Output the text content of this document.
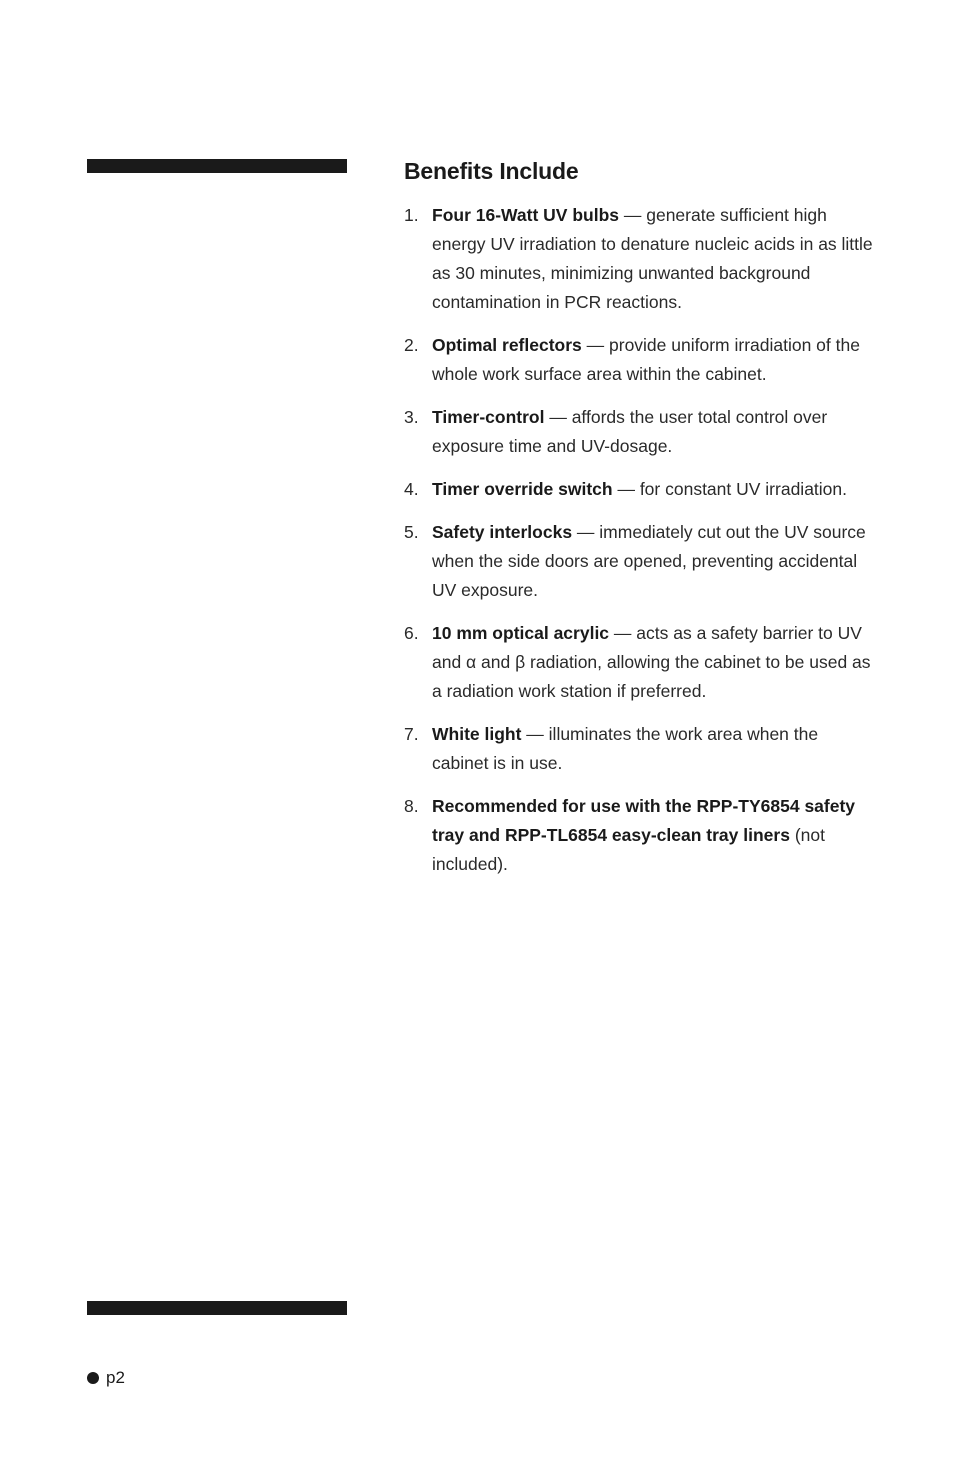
Benefits Include
1. Four 16-Watt UV bulbs — generate sufficient high energy UV irradiation to denature nucleic acids in as little as 30 minutes, minimizing unwanted background contamination in PCR reactions.
2. Optimal reflectors — provide uniform irradiation of the whole work surface area within the cabinet.
3. Timer-control — affords the user total control over exposure time and UV-dosage.
4. Timer override switch — for constant UV irradiation.
5. Safety interlocks — immediately cut out the UV source when the side doors are opened, preventing accidental UV exposure.
6. 10 mm optical acrylic — acts as a safety barrier to UV and α and β radiation, allowing the cabinet to be used as a radiation work station if preferred.
7. White light — illuminates the work area when the cabinet is in use.
8. Recommended for use with the RPP-TY6854 safety tray and RPP-TL6854 easy-clean tray liners (not included).
p2
